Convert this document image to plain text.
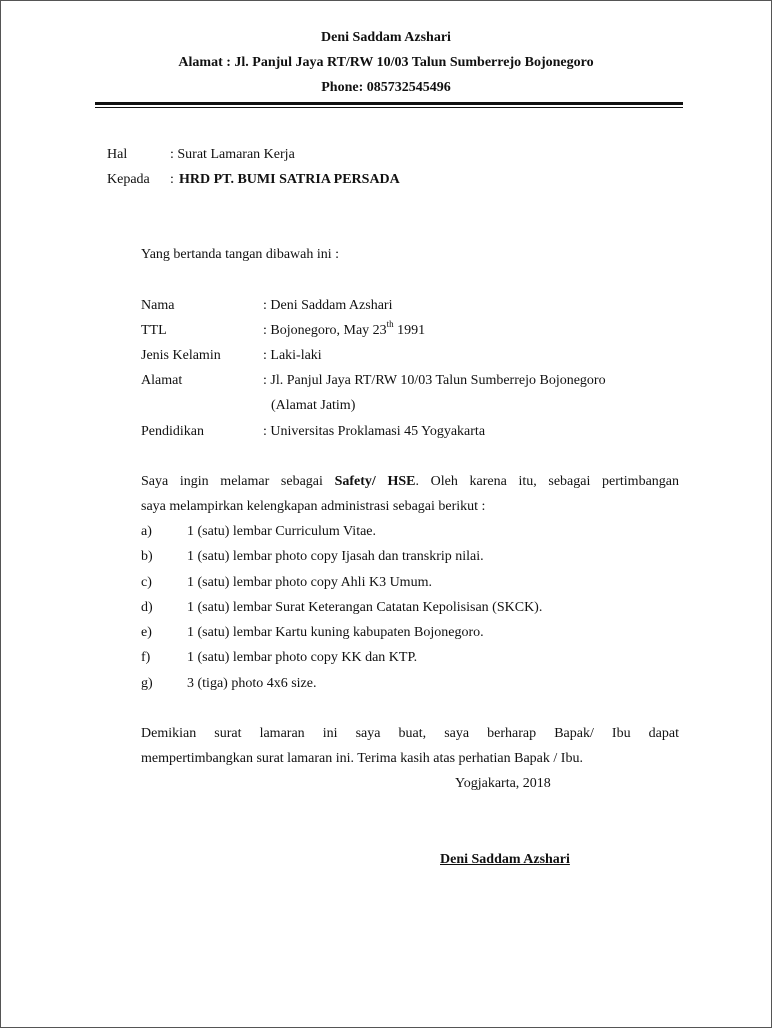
Deni Saddam Azshari
Alamat : Jl. Panjul Jaya RT/RW 10/03 Talun Sumberrejo Bojonegoro
Phone: 085732545496
Hal	: Surat Lamaran Kerja
Kepada : HRD PT. BUMI SATRIA PERSADA
Yang bertanda tangan dibawah ini :
Nama	: Deni Saddam Azshari
TTL	: Bojonegoro, May 23th 1991
Jenis Kelamin	: Laki-laki
Alamat	: Jl. Panjul Jaya RT/RW 10/03 Talun Sumberrejo Bojonegoro
(Alamat Jatim)
Pendidikan	: Universitas Proklamasi 45 Yogyakarta
Saya ingin melamar sebagai Safety/ HSE. Oleh karena itu, sebagai pertimbangan
saya melampirkan kelengkapan administrasi sebagai berikut :
a)	1 (satu) lembar Curriculum Vitae.
b) 1 (satu) lembar photo copy Ijasah dan transkrip nilai.
c)	1 (satu) lembar photo copy Ahli K3 Umum.
d) 1 (satu) lembar Surat Keterangan Catatan Kepolisisan (SKCK).
e)	1 (satu) lembar Kartu kuning kabupaten Bojonegoro.
f)	1 (satu) lembar photo copy KK dan KTP.
g) 3 (tiga) photo 4x6 size.
Demikian surat lamaran ini saya buat, saya berharap Bapak/ Ibu dapat
mempertimbangkan surat lamaran ini. Terima kasih atas perhatian Bapak / Ibu.
Yogjakarta, 2018
Deni Saddam Azshari
